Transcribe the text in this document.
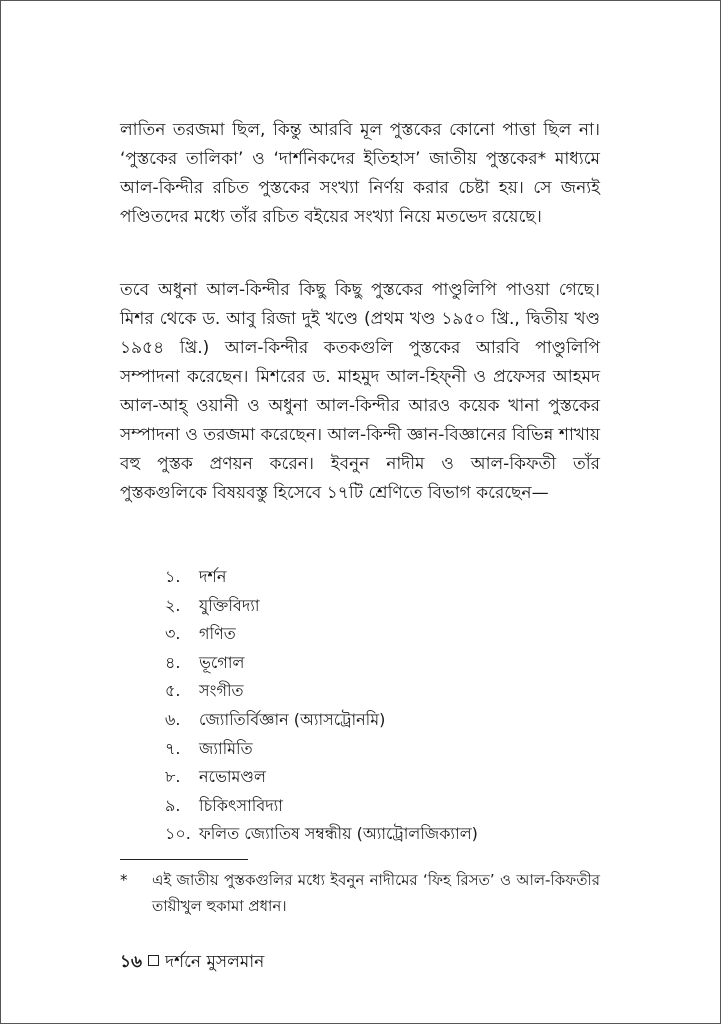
লাতিন তরজমা ছিল, কিন্তু আরবি মূল পুস্তকের কোনো পাত্তা ছিল না। ‘পুস্তকের তালিকা’ ও ‘দার্শনিকদের ইতিহাস’ জাতীয় পুস্তকের* মাধ্যমে আল-কিন্দীর রচিত পুস্তকের সংখ্যা নির্ণয় করার চেষ্টা হয়। সে জন্যই পণ্ডিতদের মধ্যে তাঁর রচিত বইয়ের সংখ্যা নিয়ে মতভেদ রয়েছে।

তবে অধুনা আল-কিন্দীর কিছু কিছু পুস্তকের পাণ্ডুলিপি পাওয়া গেছে। মিশর থেকে ড. আবু রিজা দুই খণ্ডে (প্রথম খণ্ড ১৯৫০ খ্রি., দ্বিতীয় খণ্ড ১৯৫৪ খ্রি.) আল-কিন্দীর কতকগুলি পুস্তকের আরবি পাণ্ডুলিপি সম্পাদনা করেছেন। মিশরের ড. মাহমুদ আল-হিফ্নী ও প্রফেসর আহমদ আল-আহ্ ওয়ানী ও অধুনা আল-কিন্দীর আরও কয়েক খানা পুস্তকের সম্পাদনা ও তরজমা করেছেন। আল-কিন্দী জ্ঞান-বিজ্ঞানের বিভিন্ন শাখায় বহু পুস্তক প্রণয়ন করেন। ইবনুন নাদীম ও আল-কিফতী তাঁর পুস্তকগুলিকে বিষয়বস্তু হিসেবে ১৭টি শ্রেণিতে বিভাগ করেছেন—

১. দর্শন
২. যুক্তিবিদ্যা
৩. গণিত
৪. ভূগোল
৫. সংগীত
৬. জ্যোতির্বিজ্ঞান (অ্যাসট্রোনমি)
৭. জ্যামিতি
৮. নভোমণ্ডল
৯. চিকিৎসাবিদ্যা
১০. ফলিত জ্যোতিষ সম্বন্ধীয় (অ্যাট্রোলজিক্যাল)
* এই জাতীয় পুস্তকগুলির মধ্যে ইবনুন নাদীমের ‘ফিহ রিসত’ ও আল-কিফতীর তায়ীখুল হুকামা প্রধান।
১৬ দর্শনে মুসলমান
